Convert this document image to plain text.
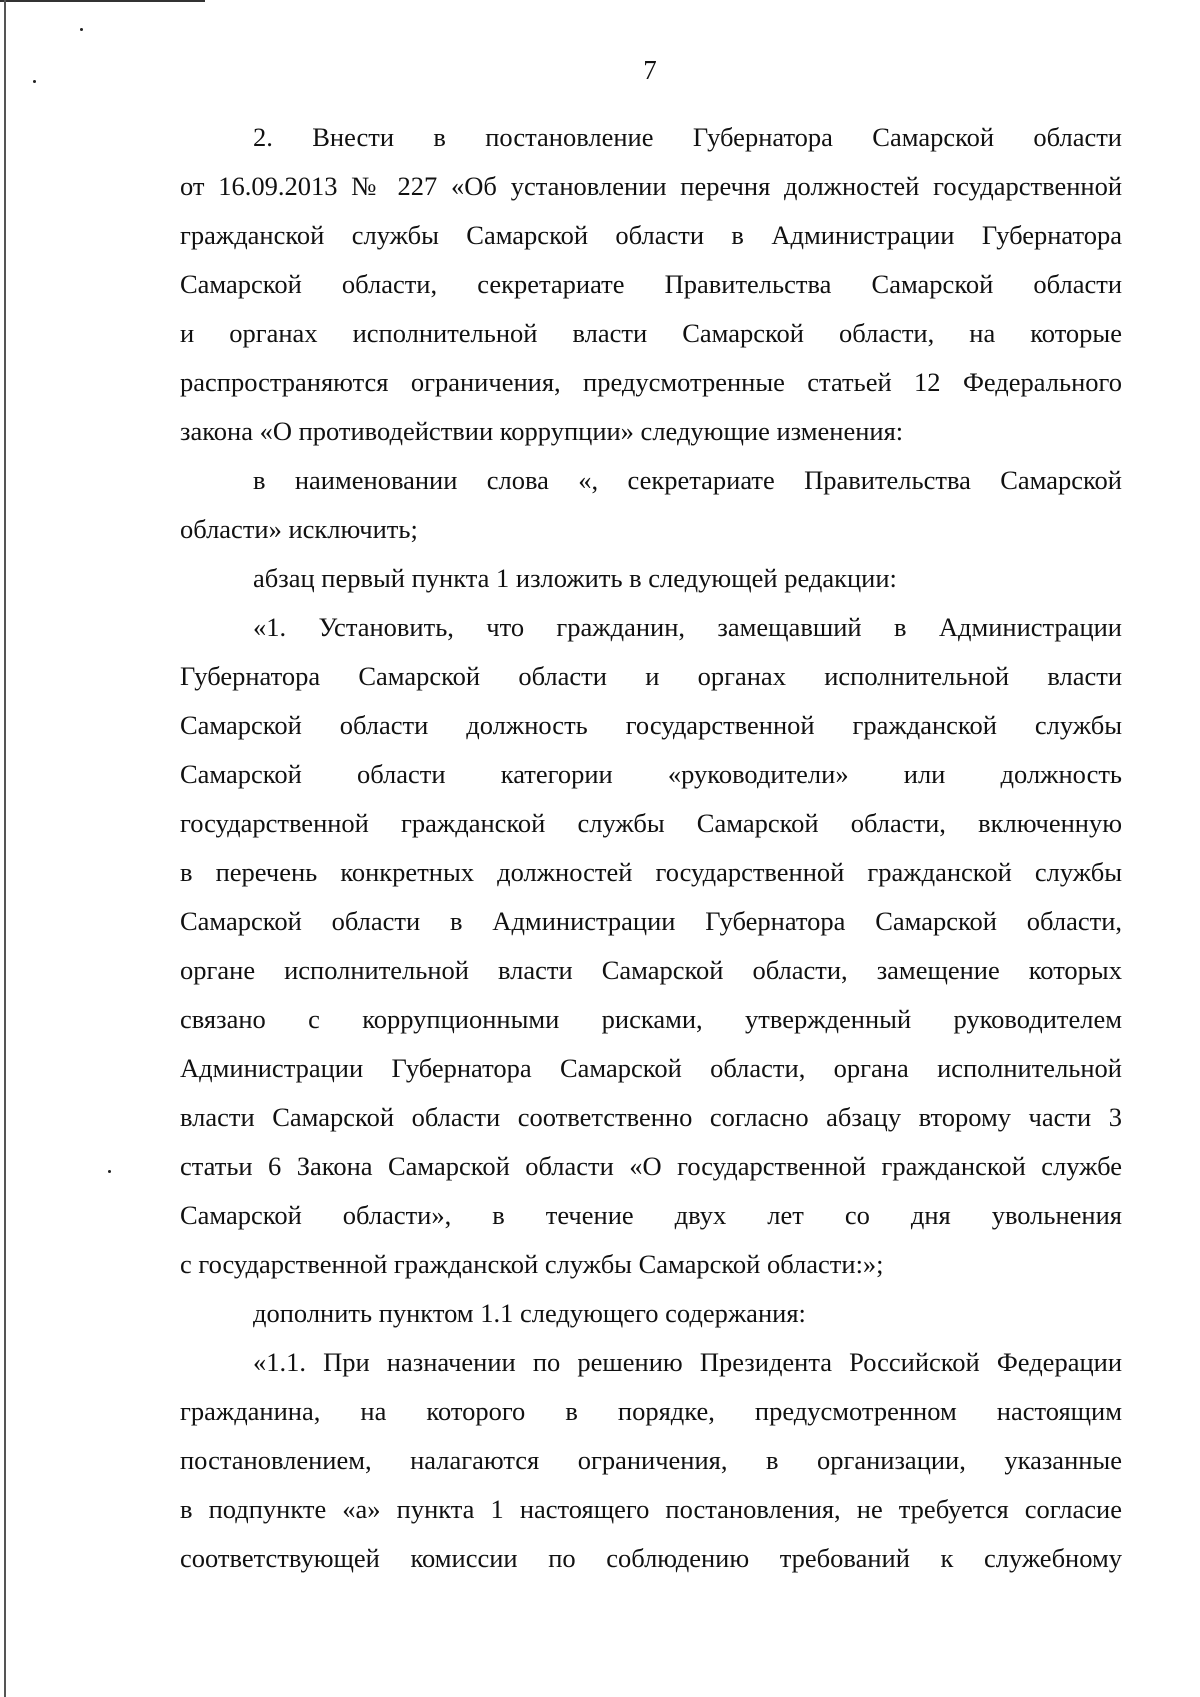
7
2. Внести в постановление Губернатора Самарской области
от 16.09.2013 № 227 «Об установлении перечня должностей государственной
гражданской службы Самарской области в Администрации Губернатора
Самарской области, секретариате Правительства Самарской области
и органах исполнительной власти Самарской области, на которые
распространяются ограничения, предусмотренные статьей 12 Федерального
закона «О противодействии коррупции» следующие изменения:
в наименовании слова «, секретариате Правительства Самарской
области» исключить;
абзац первый пункта 1 изложить в следующей редакции:
«1. Установить, что гражданин, замещавший в Администрации
Губернатора Самарской области и органах исполнительной власти
Самарской области должность государственной гражданской службы
Самарской области категории «руководители» или должность
государственной гражданской службы Самарской области, включенную
в перечень конкретных должностей государственной гражданской службы
Самарской области в Администрации Губернатора Самарской области,
органе исполнительной власти Самарской области, замещение которых
связано с коррупционными рисками, утвержденный руководителем
Администрации Губернатора Самарской области, органа исполнительной
власти Самарской области соответственно согласно абзацу второму части 3
статьи 6 Закона Самарской области «О государственной гражданской службе
Самарской области», в течение двух лет со дня увольнения
с государственной гражданской службы Самарской области:»;
дополнить пунктом 1.1 следующего содержания:
«1.1. При назначении по решению Президента Российской Федерации
гражданина, на которого в порядке, предусмотренном настоящим
постановлением, налагаются ограничения, в организации, указанные
в подпункте «а» пункта 1 настоящего постановления, не требуется согласие
соответствующей комиссии по соблюдению требований к служебному
